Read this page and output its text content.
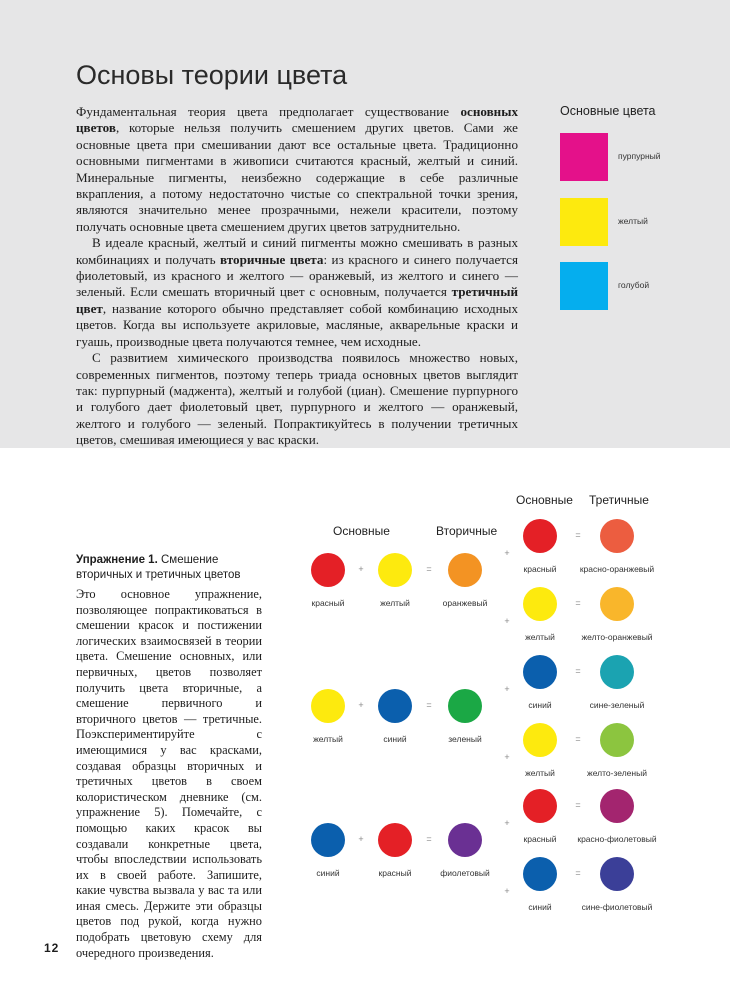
Основы теории цвета

Фундаментальная теория цвета предполагает существование основных цветов, которые нельзя получить смешением других цветов. Сами же основные цвета при смешивании дают все остальные цвета. Традиционно основными пигментами в живописи считаются красный, желтый и синий. Минеральные пигменты, неизбежно содержащие в себе различные вкрапления, а потому недостаточно чистые со спектральной точки зрения, являются значительно менее прозрачными, нежели красители, поэтому получать основные цвета смешением других цветов затруднительно.

В идеале красный, желтый и синий пигменты можно смешивать в разных комбинациях и получать вторичные цвета: из красного и синего получается фиолетовый, из красного и желтого — оранжевый, из желтого и синего — зеленый. Если смешать вторичный цвет с основным, получается третичный цвет, название которого обычно представляет собой комбинацию исходных цветов. Когда вы используете акриловые, масляные, акварельные краски и гуашь, производные цвета получаются темнее, чем исходные.

С развитием химического производства появилось множество новых, современных пигментов, поэтому теперь триада основных цветов выглядит так: пурпурный (маджента), желтый и голубой (циан). Смешение пурпурного и голубого дает фиолетовый цвет, пурпурного и желтого — оранжевый, желтого и голубого — зеленый. Попрактикуйтесь в получении третичных цветов, смешивая имеющиеся у вас краски.

Основные цвета
пурпурный
желтый
голубой
Упражнение 1. Смешение вторичных и третичных цветов

Это основное упражнение, позволяющее попрактиковаться в смешении красок и постижении логических взаимосвязей в теории цвета. Смешение основных, или первичных, цветов позволяет получить цвета вторичные, а смешение первичного и вторичного цветов — третичные. Поэкспериментируйте с имеющимися у вас красками, создавая образцы вторичных и третичных цветов в своем колористическом дневнике (см. упражнение 5). Помечайте, с помощью каких красок вы создавали конкретные цвета, чтобы впоследствии использовать их в своей работе. Запишите, какие чувства вызвала у вас та или иная смесь. Держите эти образцы цветов под рукой, когда нужно подобрать цветовую схему для очередного произведения.

Основные	Вторичные
Основные Третичные
красный
+
желтый
=
оранжевый
+
красный
=
красно-оранжевый
+
желтый
=
желто-оранжевый
желтый
+
синий
=
зеленый
+
синий
=
сине-зеленый
+
желтый
=
желто-зеленый
синий
+
красный
=
фиолетовый
+
красный
=
красно-фиолетовый
+
синий
=
сине-фиолетовый
12
